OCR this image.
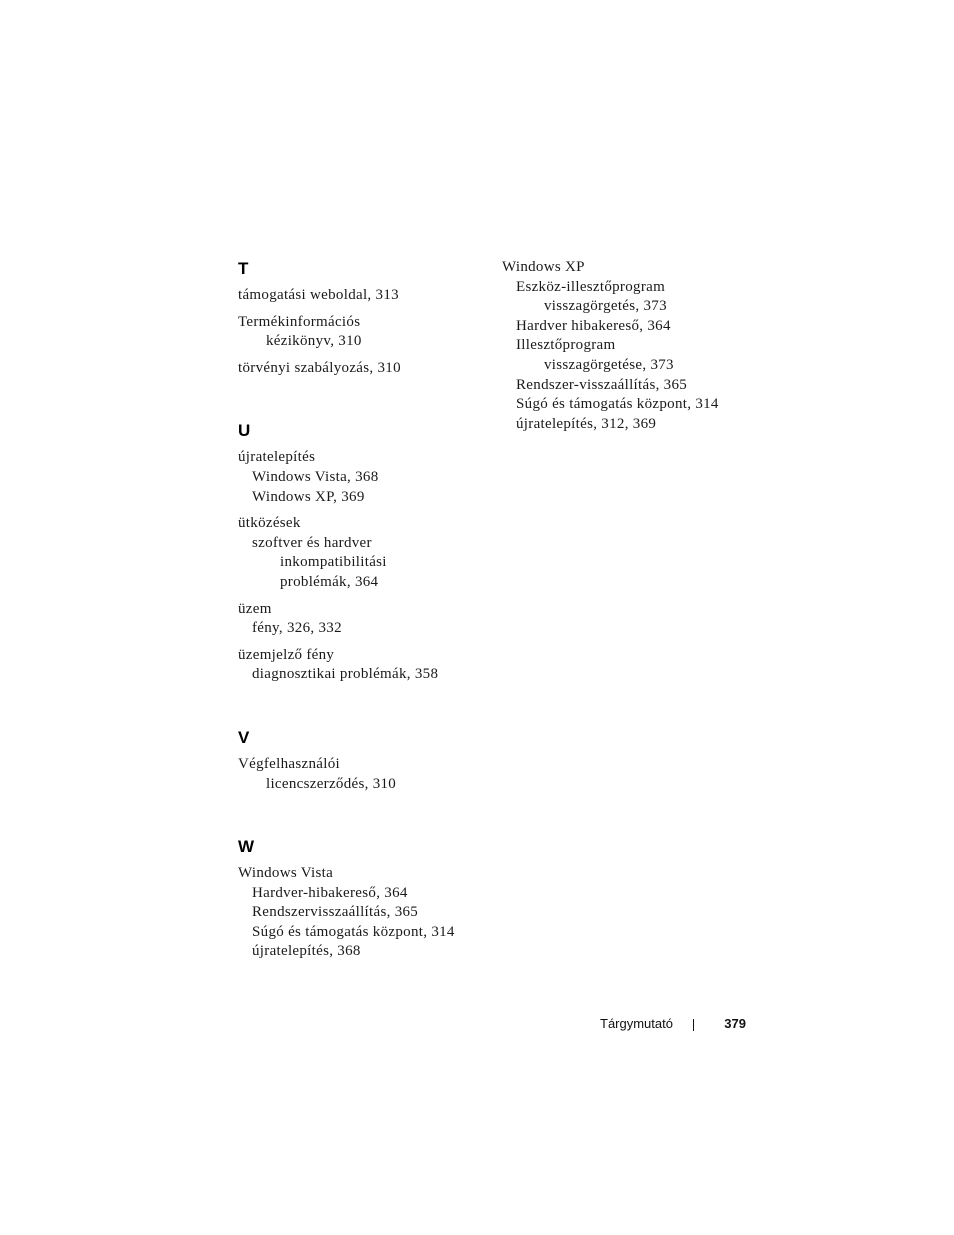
T
támogatási weboldal, 313
Termékinformációs
kézikönyv, 310
törvényi szabályozás, 310
U
újratelepítés
Windows Vista, 368
Windows XP, 369
ütközések
szoftver és hardver
inkompatibilitási
problémák, 364
üzem
fény, 326, 332
üzemjelző fény
diagnosztikai problémák, 358
V
Végfelhasználói
licencszerződés, 310
W
Windows Vista
Hardver-hibakereső, 364
Rendszervisszaállítás, 365
Súgó és támogatás központ, 314
újratelepítés, 368
Windows XP
Eszköz-illesztőprogram
visszagörgetés, 373
Hardver hibakereső, 364
Illesztőprogram
visszagörgetése, 373
Rendszer-visszaállítás, 365
Súgó és támogatás központ, 314
újratelepítés, 312, 369
Tárgymutató	379
